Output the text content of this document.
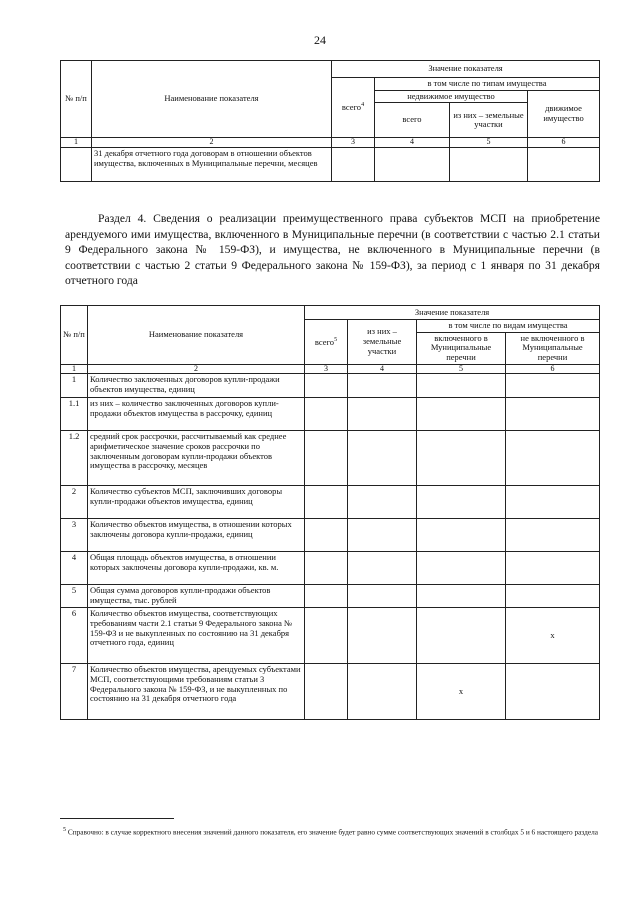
24
№ п/п	Наименование показателя	Значение показателя			
		всего$^4$	в том числе по типам имущества		
			недвижимое имущество		движимое имущество
			всего	из них – земельные участки	
1	2	3	4	5	6
	31 декабря отчетного года договорам в отношении объектов имущества, включенных в Муниципальные перечни, месяцев				
Раздел 4. Сведения о реализации преимущественного права субъектов МСП на приобретение арендуемого ими имущества, включенного в Муниципальные перечни (в соответствии с частью 2.1 статьи 9 Федерального закона № 159-ФЗ), и имущества, не включенного в Муниципальные перечни (в соответствии с частью 2 статьи 9 Федерального закона № 159-ФЗ), за период с 1 января по 31 декабря отчетного года
№ п/п	Наименование показателя	Значение показателя			
		всего$^5$	из них – земельные участки	в том числе по видам имущества	
				включенного в Муниципальные перечни	не включенного в Муниципальные перечни
1	2	3	4	5	6
1	Количество заключенных договоров купли-продажи объектов имущества, единиц				
1.1	из них – количество заключенных договоров купли-продажи объектов имущества в рассрочку, единиц				
1.2	средний срок рассрочки, рассчитываемый как среднее арифметическое значение сроков рассрочки по заключенным договорам купли-продажи объектов имущества в рассрочку, месяцев				
2	Количество субъектов МСП, заключивших договоры купли-продажи объектов имущества, единиц				
3	Количество объектов имущества, в отношении которых заключены договора купли-продажи, единиц				
4	Общая площадь объектов имущества, в отношении которых заключены договора купли-продажи, кв. м.				
5	Общая сумма договоров купли-продажи объектов имущества, тыс. рублей				
6	Количество объектов имущества, соответствующих требованиям части 2.1 статьи 9 Федерального закона № 159-ФЗ и не выкупленных по состоянию на 31 декабря отчетного года, единиц				x
7	Количество объектов имущества, арендуемых субъектами МСП, соответствующими требованиям статьи 3 Федерального закона № 159-ФЗ, и не выкупленных по состоянию на 31 декабря отчетного года			x	
$^5$ Справочно: в случае корректного внесения значений данного показателя, его значение будет равно сумме соответствующих значений в столбцах 5 и 6 настоящего раздела
